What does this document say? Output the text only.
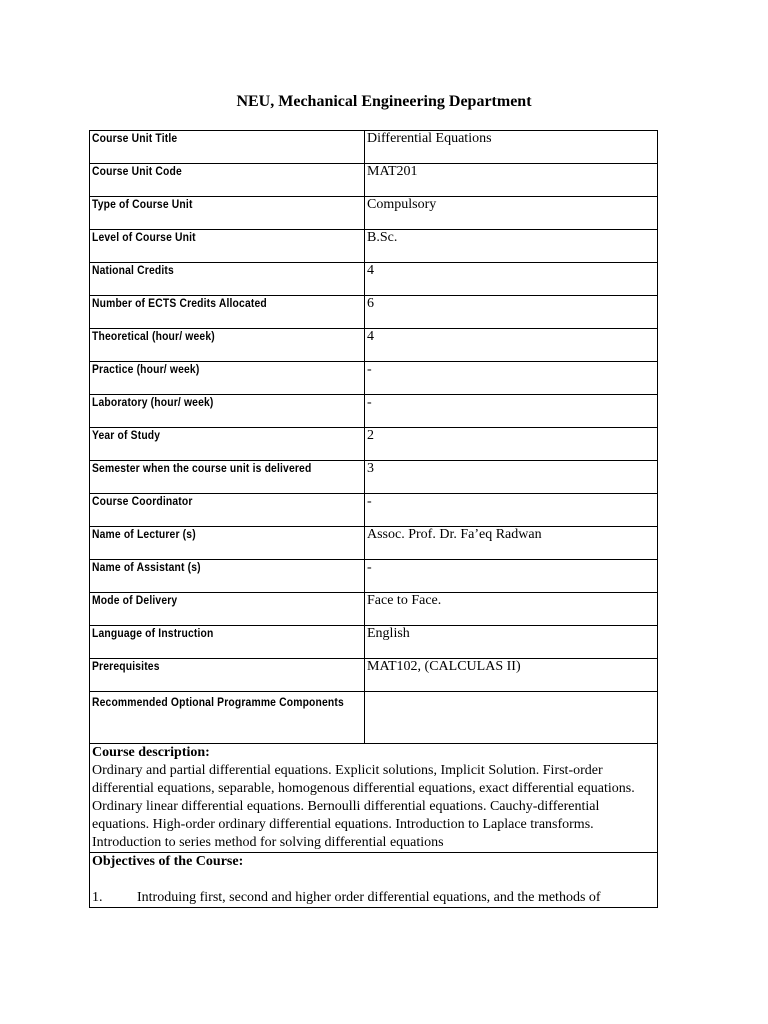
NEU, Mechanical Engineering Department
Course Unit Title	Differential Equations
Course Unit Code	MAT201
Type of Course Unit	Compulsory
Level of Course Unit	B.Sc.
National Credits	4
Number of ECTS Credits Allocated	6
Theoretical (hour/ week)	4
Practice (hour/ week)	-
Laboratory (hour/ week)	-
Year of Study	2
Semester when the course unit is delivered	3
Course Coordinator	-
Name of Lecturer (s)	Assoc. Prof. Dr. Fa’eq Radwan
Name of Assistant (s)	-
Mode of Delivery	Face to Face.
Language of Instruction	English
Prerequisites	MAT102, (CALCULAS II)
Recommended Optional Programme Components	

Course description:
Ordinary and partial differential equations. Explicit solutions, Implicit Solution. First-order differential equations, separable, homogenous differential equations, exact differential equations. Ordinary linear differential equations. Bernoulli differential equations. Cauchy-differential equations. High-order ordinary differential equations. Introduction to Laplace transforms. Introduction to series method for solving differential equations	

Objectives of the Course:
1. Introduing first, second and higher order differential equations, and the methods of	
